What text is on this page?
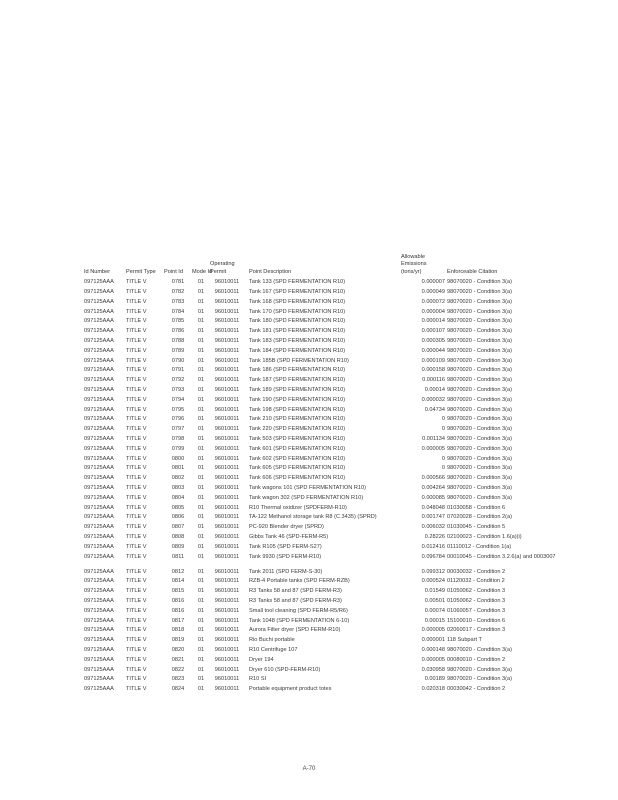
Id Number	Permit Type	Point Id	Mode Id	Operating Permit	Point Description	Allowable Emissions (tons/yr)	Enforceable Citation
097125AAA	TITLE V	0781	01	96010011	Tank 133 (SPD FERMENTATION R10)	0.000007	98070020 - Condition 3(a)
097125AAA	TITLE V	0782	01	96010011	Tank 167 (SPD FERMENTATION R10)	0.000049	98070020 - Condition 3(a)
097125AAA	TITLE V	0783	01	96010011	Tank 168 (SPD FERMENTATION R10)	0.000072	98070020 - Condition 3(a)
097125AAA	TITLE V	0784	01	96010011	Tank 170 (SPD FERMENTATION R10)	0.000004	98070020 - Condition 3(a)
097125AAA	TITLE V	0785	01	96010011	Tank 180 (SPD FERMENTATION R10)	0.000014	98070020 - Condition 3(a)
097125AAA	TITLE V	0786	01	96010011	Tank 181 (SPD FERMENTATION R10)	0.000107	98070020 - Condition 3(a)
097125AAA	TITLE V	0788	01	96010011	Tank 183 (SPD FERMENTATION R10)	0.000305	98070020 - Condition 3(a)
097125AAA	TITLE V	0789	01	96010011	Tank 184 (SPD FERMENTATION R10)	0.000044	98070020 - Condition 3(a)
097125AAA	TITLE V	0790	01	96010011	Tank 185B (SPD FERMENTATION R10)	0.000109	98070020 - Condition 3(a)
097125AAA	TITLE V	0791	01	96010011	Tank 186 (SPD FERMENTATION R10)	0.000158	98070020 - Condition 3(a)
097125AAA	TITLE V	0792	01	96010011	Tank 187 (SPD FERMENTATION R10)	0.000116	98070020 - Condition 3(a)
097125AAA	TITLE V	0793	01	96010011	Tank 189 (SPD FERMENTATION R10)	0.00014	98070020 - Condition 3(a)
097125AAA	TITLE V	0794	01	96010011	Tank 190 (SPD FERMENTATION R10)	0.000032	98070020 - Condition 3(a)
097125AAA	TITLE V	0795	01	96010011	Tank 198 (SPD FERMENTATION R10)	0.04734	98070020 - Condition 3(a)
097125AAA	TITLE V	0796	01	96010011	Tank 210 (SPD FERMENTATION R10)	0	98070020 - Condition 3(a)
097125AAA	TITLE V	0797	01	96010011	Tank 220 (SPD FERMENTATION R10)	0	98070020 - Condition 3(a)
097125AAA	TITLE V	0798	01	96010011	Tank 503 (SPD FERMENTATION R10)	0.001134	98070020 - Condition 3(a)
097125AAA	TITLE V	0799	01	96010011	Tank 601 (SPD FERMENTATION R10)	0.000005	98070020 - Condition 3(a)
097125AAA	TITLE V	0800	01	96010011	Tank 602 (SPD FERMENTATION R10)	0	98070020 - Condition 3(a)
097125AAA	TITLE V	0801	01	96010011	Tank 605 (SPD FERMENTATION R10)	0	98070020 - Condition 3(a)
097125AAA	TITLE V	0802	01	96010011	Tank 606 (SPD FERMENTATION R10)	0.000566	98070020 - Condition 3(a)
097125AAA	TITLE V	0803	01	96010011	Tank wagons 101 (SPD FERMENTATION R10)	0.004264	98070020 - Condition 3(a)
097125AAA	TITLE V	0804	01	96010011	Tank wagon 302 (SPD FERMENTATION R10)	0.000085	98070020 - Condition 3(a)
097125AAA	TITLE V	0805	01	96010011	R10 Thermal oxidizer (SPDFERM-R10)	0.048048	01030058 - Condition 6
097125AAA	TITLE V	0806	01	96010011	TA-122 Methanol storage tank R8 (C 3435) (SPRD)	0.001747	07020028 - Condition 2(a)
097125AAA	TITLE V	0807	01	96010011	PC-920 Blender dryer (SPRD)	0.006032	01030045 - Condition 5
097125AAA	TITLE V	0808	01	96010011	Gibbs Tank 46 (SPD-FERM-R5)	0.28226	02100023 - Condition 1.6(a)(i)
097125AAA	TITLE V	0809	01	96010011	Tank R105 (SPD FERM-S27)	0.012416	01110012 - Condition 1(a)
097125AAA	TITLE V	0811	01	96010011	Tank 9930 (SPD FERM-R10)	0.096784	00010045 - Condition 3.2.6(a) and 0003007
097125AAA	TITLE V	0812	01	96010011	Tank 2011 (SPD FERM-S-30)	0.099312	00030032 - Condition 2
097125AAA	TITLE V	0814	01	96010011	RZB-4 Portable tanks (SPD FERM-RZB)	0.000524	01120032 - Condition 2
097125AAA	TITLE V	0815	01	96010011	R3 Tanks 58 and 87 (SPD FERM-R3)	0.01549	01050062 - Condition 3
097125AAA	TITLE V	0816	01	96010011	R3 Tanks 58 and 87 (SPD FERM-R3)	0.00501	01050062 - Condition 3
097125AAA	TITLE V	0816	01	96010011	Small tool cleaning (SPD FERM-R5/R6)	0.00074	01060057 - Condition 3
097125AAA	TITLE V	0817	01	96010011	Tank 1048 (SPD FERMENTATION 6-10)	0.00015	15100010 - Condition 6
097125AAA	TITLE V	0818	01	96010011	Aurora Filter dryer (SPD FERM-R10)	0.000005	02060017 - Condition 3
097125AAA	TITLE V	0819	01	96010011	Rio Buchi portable	0.000001	118 Subpart T
097125AAA	TITLE V	0820	01	96010011	R10 Centrifuge 107	0.000148	98070020 - Condition 3(a)
097125AAA	TITLE V	0821	01	96010011	Dryer 194	0.000005	00080010 - Condition 2
097125AAA	TITLE V	0822	01	96010011	Dryer 610 (SPD-FERM-R10)	0.030958	98070020 - Condition 3(a)
097125AAA	TITLE V	0823	01	96010011	R10 SI	0.00189	98070020 - Condition 3(a)
097125AAA	TITLE V	0824	01	96010011	Portable equipment product totes	0.020318	00030042 - Condition 2
A-70
